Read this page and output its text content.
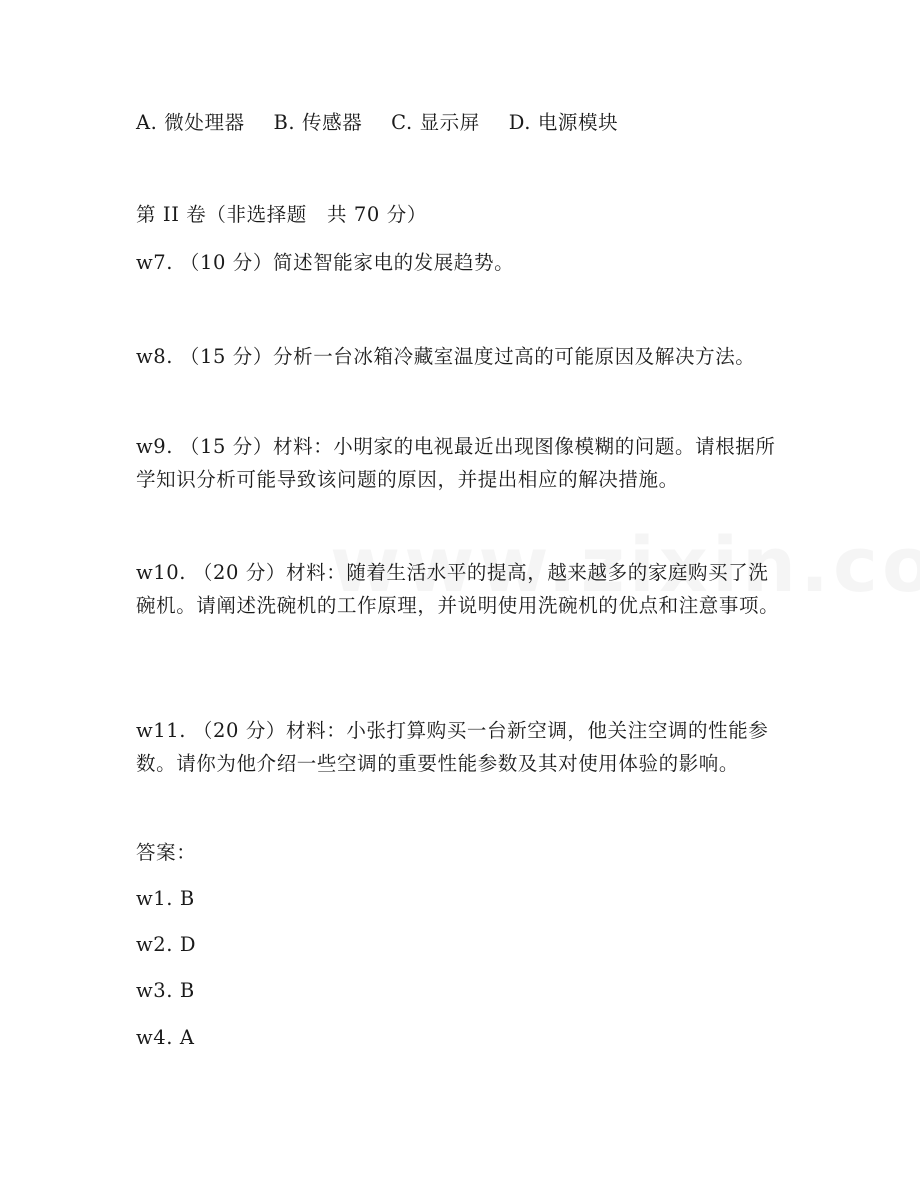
A. 微处理器 B. 传感器 C. 显示屏 D. 电源模块
第 II 卷（非选择题　共 70 分）
w7. （10 分）简述智能家电的发展趋势。
w8. （15 分）分析一台冰箱冷藏室温度过高的可能原因及解决方法。
w9. （15 分）材料：小明家的电视最近出现图像模糊的问题。请根据所学知识分析可能导致该问题的原因，并提出相应的解决措施。
w10. （20 分）材料：随着生活水平的提高，越来越多的家庭购买了洗碗机。请阐述洗碗机的工作原理，并说明使用洗碗机的优点和注意事项。
w11. （20 分）材料：小张打算购买一台新空调，他关注空调的性能参数。请你为他介绍一些空调的重要性能参数及其对使用体验的影响。
答案：
w1. B
w2. D
w3. B
w4. A
